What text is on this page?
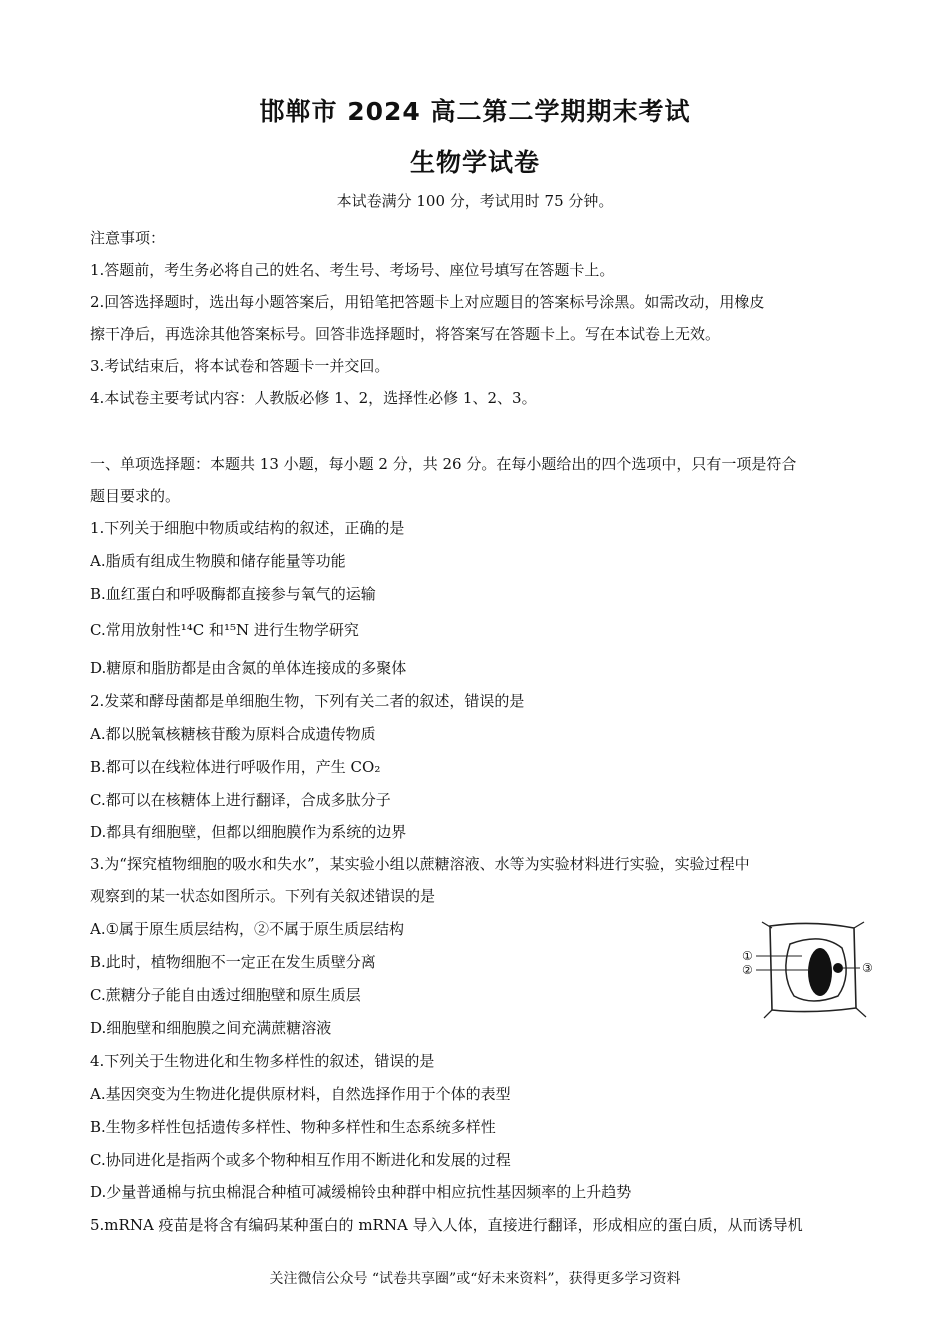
邯郸市 2024 高二第二学期期末考试
生物学试卷
本试卷满分 100 分，考试用时 75 分钟。
注意事项：
1.答题前，考生务必将自己的姓名、考生号、考场号、座位号填写在答题卡上。
2.回答选择题时，选出每小题答案后，用铅笔把答题卡上对应题目的答案标号涂黑。如需改动，用橡皮
擦干净后，再选涂其他答案标号。回答非选择题时，将答案写在答题卡上。写在本试卷上无效。
3.考试结束后，将本试卷和答题卡一并交回。
4.本试卷主要考试内容：人教版必修 1、2，选择性必修 1、2、3。
一、单项选择题：本题共 13 小题，每小题 2 分，共 26 分。在每小题给出的四个选项中，只有一项是符合
题目要求的。
1.下列关于细胞中物质或结构的叙述，正确的是
A.脂质有组成生物膜和储存能量等功能
B.血红蛋白和呼吸酶都直接参与氧气的运输
C.常用放射性¹⁴C 和¹⁵N 进行生物学研究
D.糖原和脂肪都是由含氮的单体连接成的多聚体
2.发菜和酵母菌都是单细胞生物，下列有关二者的叙述，错误的是
A.都以脱氧核糖核苷酸为原料合成遗传物质
B.都可以在线粒体进行呼吸作用，产生 CO₂
C.都可以在核糖体上进行翻译，合成多肽分子
D.都具有细胞壁，但都以细胞膜作为系统的边界
3.为“探究植物细胞的吸水和失水”，某实验小组以蔗糖溶液、水等为实验材料进行实验，实验过程中
观察到的某一状态如图所示。下列有关叙述错误的是
A.①属于原生质层结构，②不属于原生质层结构
B.此时，植物细胞不一定正在发生质壁分离
C.蔗糖分子能自由透过细胞壁和原生质层
D.细胞壁和细胞膜之间充满蔗糖溶液
①
②	③
4.下列关于生物进化和生物多样性的叙述，错误的是
A.基因突变为生物进化提供原材料，自然选择作用于个体的表型
B.生物多样性包括遗传多样性、物种多样性和生态系统多样性
C.协同进化是指两个或多个物种相互作用不断进化和发展的过程
D.少量普通棉与抗虫棉混合种植可减缓棉铃虫种群中相应抗性基因频率的上升趋势
5.mRNA 疫苗是将含有编码某种蛋白的 mRNA 导入人体，直接进行翻译，形成相应的蛋白质，从而诱导机
关注微信公众号 “试卷共享圈”或“好未来资料”，获得更多学习资料
